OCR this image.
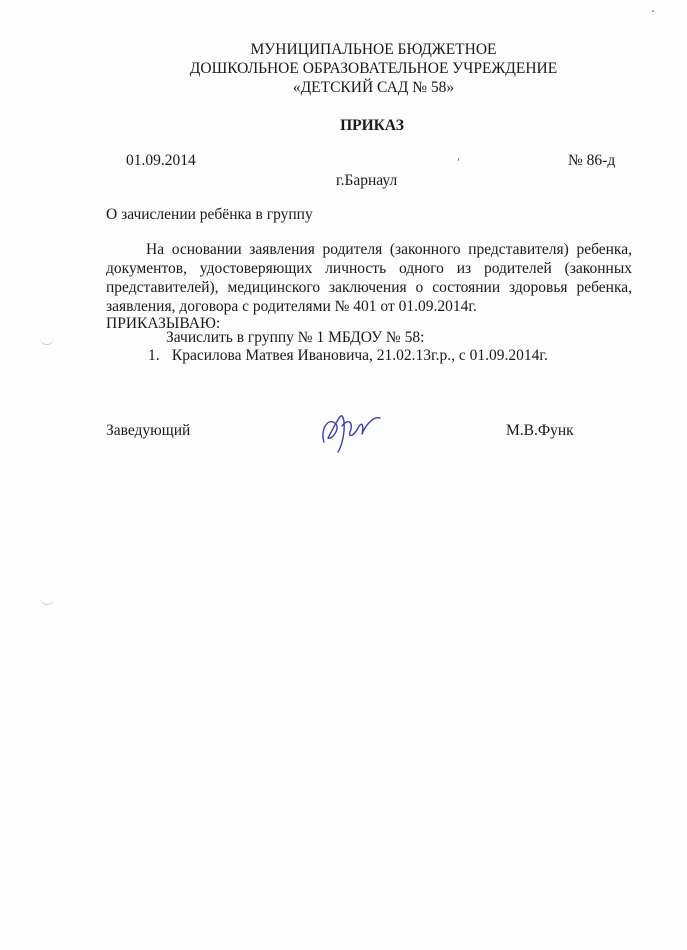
МУНИЦИПАЛЬНОЕ БЮДЖЕТНОЕ
ДОШКОЛЬНОЕ ОБРАЗОВАТЕЛЬНОЕ УЧРЕЖДЕНИЕ
«ДЕТСКИЙ САД № 58»
ПРИКАЗ
01.09.2014	№ 86-д
г.Барнаул
О зачислении ребёнка в группу
На основании заявления родителя (законного представителя) ребенка, документов, удостоверяющих личность одного из родителей (законных представителей), медицинского заключения о состоянии здоровья ребенка, заявления, договора с родителями № 401 от 01.09.2014г.
ПРИКАЗЫВАЮ:
Зачислить в группу № 1 МБДОУ № 58:
1. Красилова Матвея Ивановича, 21.02.13г.р., с 01.09.2014г.
Заведующий	М.В.Функ
